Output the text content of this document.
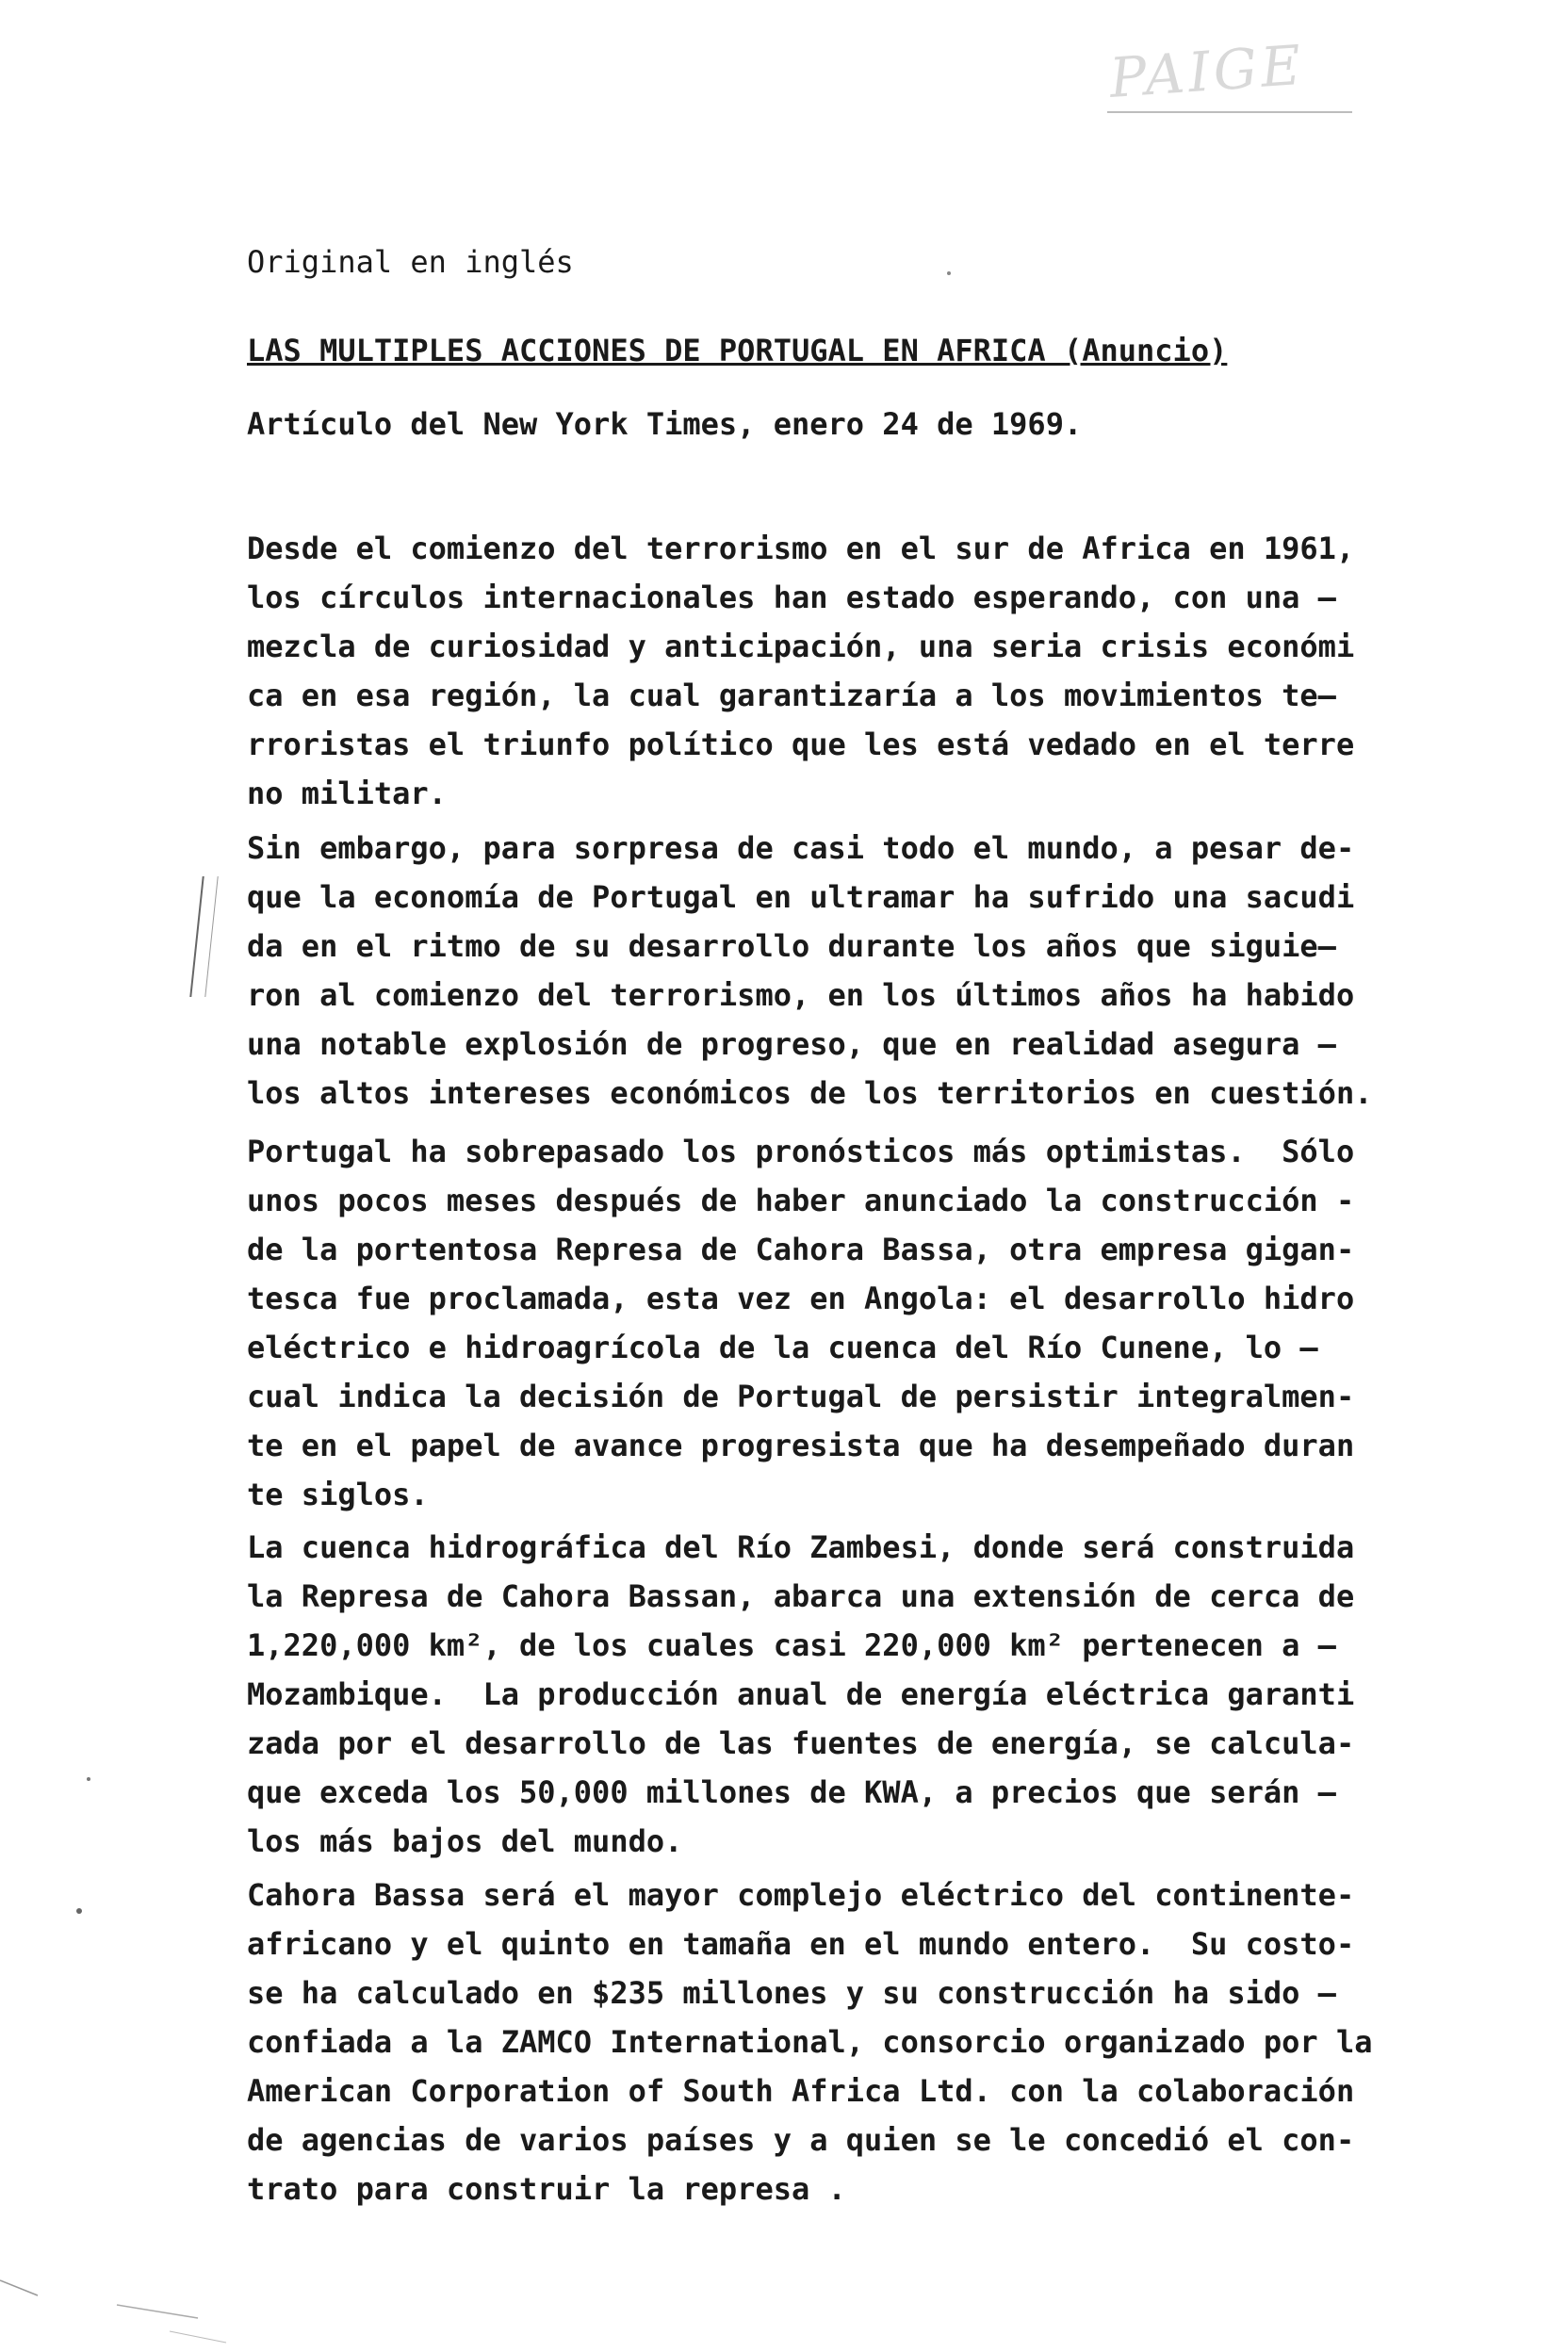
PAIGE
Original en inglés
LAS MULTIPLES ACCIONES DE PORTUGAL EN AFRICA (Anuncio)
Artículo del New York Times, enero 24 de 1969.
Desde el comienzo del terrorismo en el sur de Africa en 1961,
los círculos internacionales han estado esperando, con una —
mezcla de curiosidad y anticipación, una seria crisis económi
ca en esa región, la cual garantizaría a los movimientos te—
rroristas el triunfo político que les está vedado en el terre
no militar.
Sin embargo, para sorpresa de casi todo el mundo, a pesar de-
que la economía de Portugal en ultramar ha sufrido una sacudi
da en el ritmo de su desarrollo durante los años que siguie—
ron al comienzo del terrorismo, en los últimos años ha habido
una notable explosión de progreso, que en realidad asegura —
los altos intereses económicos de los territorios en cuestión.
Portugal ha sobrepasado los pronósticos más optimistas.  Sólo
unos pocos meses después de haber anunciado la construcción -
de la portentosa Represa de Cahora Bassa, otra empresa gigan-
tesca fue proclamada, esta vez en Angola: el desarrollo hidro
eléctrico e hidroagrícola de la cuenca del Río Cunene, lo —
cual indica la decisión de Portugal de persistir integralmen-
te en el papel de avance progresista que ha desempeñado duran
te siglos.
La cuenca hidrográfica del Río Zambesi, donde será construida
la Represa de Cahora Bassan, abarca una extensión de cerca de
1,220,000 km², de los cuales casi 220,000 km² pertenecen a —
Mozambique.  La producción anual de energía eléctrica garanti
zada por el desarrollo de las fuentes de energía, se calcula-
que exceda los 50,000 millones de KWA, a precios que serán —
los más bajos del mundo.
Cahora Bassa será el mayor complejo eléctrico del continente-
africano y el quinto en tamaña en el mundo entero.  Su costo-
se ha calculado en $235 millones y su construcción ha sido —
confiada a la ZAMCO International, consorcio organizado por la
American Corporation of South Africa Ltd. con la colaboración
de agencias de varios países y a quien se le concedió el con-
trato para construir la represa .
